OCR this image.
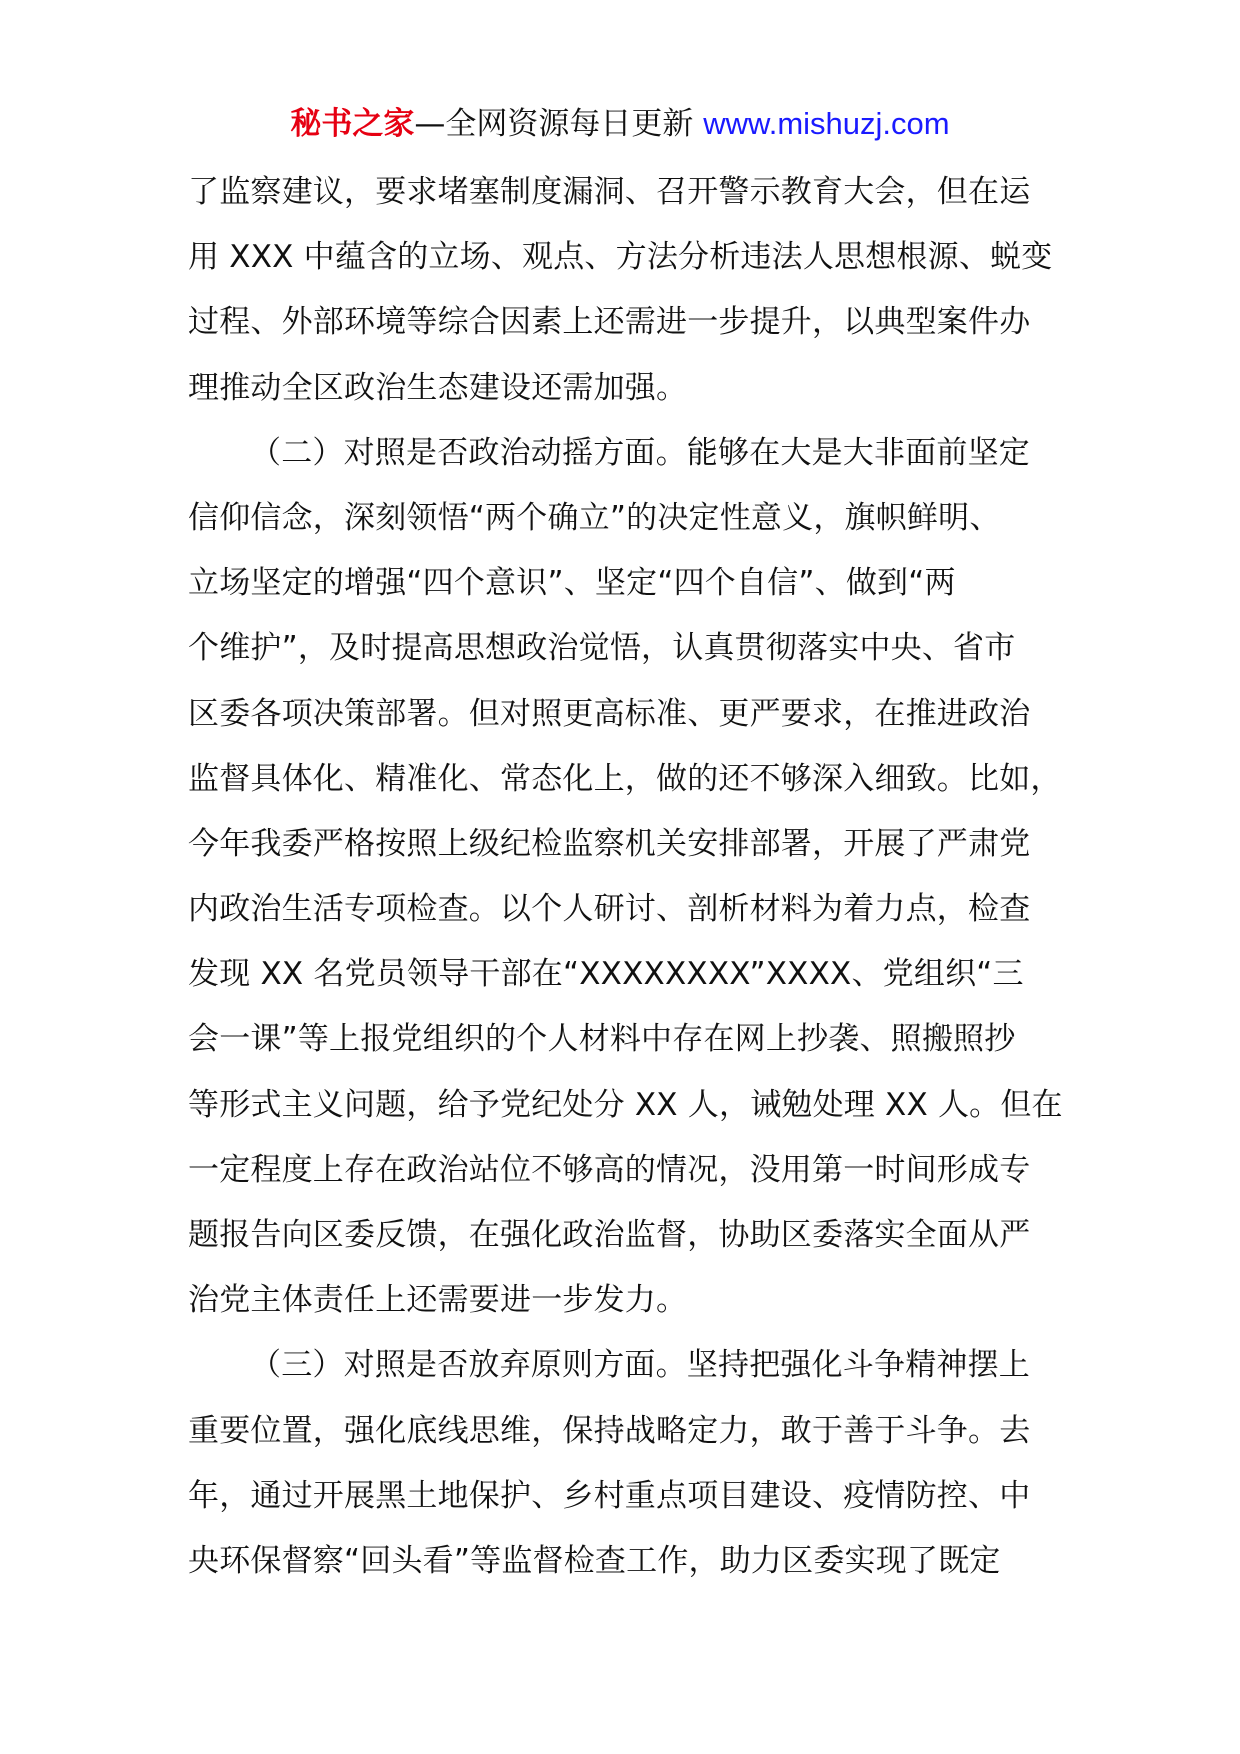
秘书之家—全网资源每日更新 www.mishuzj.com
了监察建议，要求堵塞制度漏洞、召开警示教育大会，但在运
用 XXX 中蕴含的立场、观点、方法分析违法人思想根源、蜕变
过程、外部环境等综合因素上还需进一步提升，以典型案件办
理推动全区政治生态建设还需加强。
（二）对照是否政治动摇方面。能够在大是大非面前坚定
信仰信念，深刻领悟“两个确立”的决定性意义，旗帜鲜明、
立场坚定的增强“四个意识”、坚定“四个自信”、做到“两
个维护”，及时提高思想政治觉悟，认真贯彻落实中央、省市
区委各项决策部署。但对照更高标准、更严要求，在推进政治
监督具体化、精准化、常态化上，做的还不够深入细致。比如，
今年我委严格按照上级纪检监察机关安排部署，开展了严肃党
内政治生活专项检查。以个人研讨、剖析材料为着力点，检查
发现 XX 名党员领导干部在“XXXXXXXX”XXXX、党组织“三
会一课”等上报党组织的个人材料中存在网上抄袭、照搬照抄
等形式主义问题，给予党纪处分 XX 人，诫勉处理 XX 人。但在
一定程度上存在政治站位不够高的情况，没用第一时间形成专
题报告向区委反馈，在强化政治监督，协助区委落实全面从严
治党主体责任上还需要进一步发力。
（三）对照是否放弃原则方面。坚持把强化斗争精神摆上
重要位置，强化底线思维，保持战略定力，敢于善于斗争。去
年，通过开展黑土地保护、乡村重点项目建设、疫情防控、中
央环保督察“回头看”等监督检查工作，助力区委实现了既定
